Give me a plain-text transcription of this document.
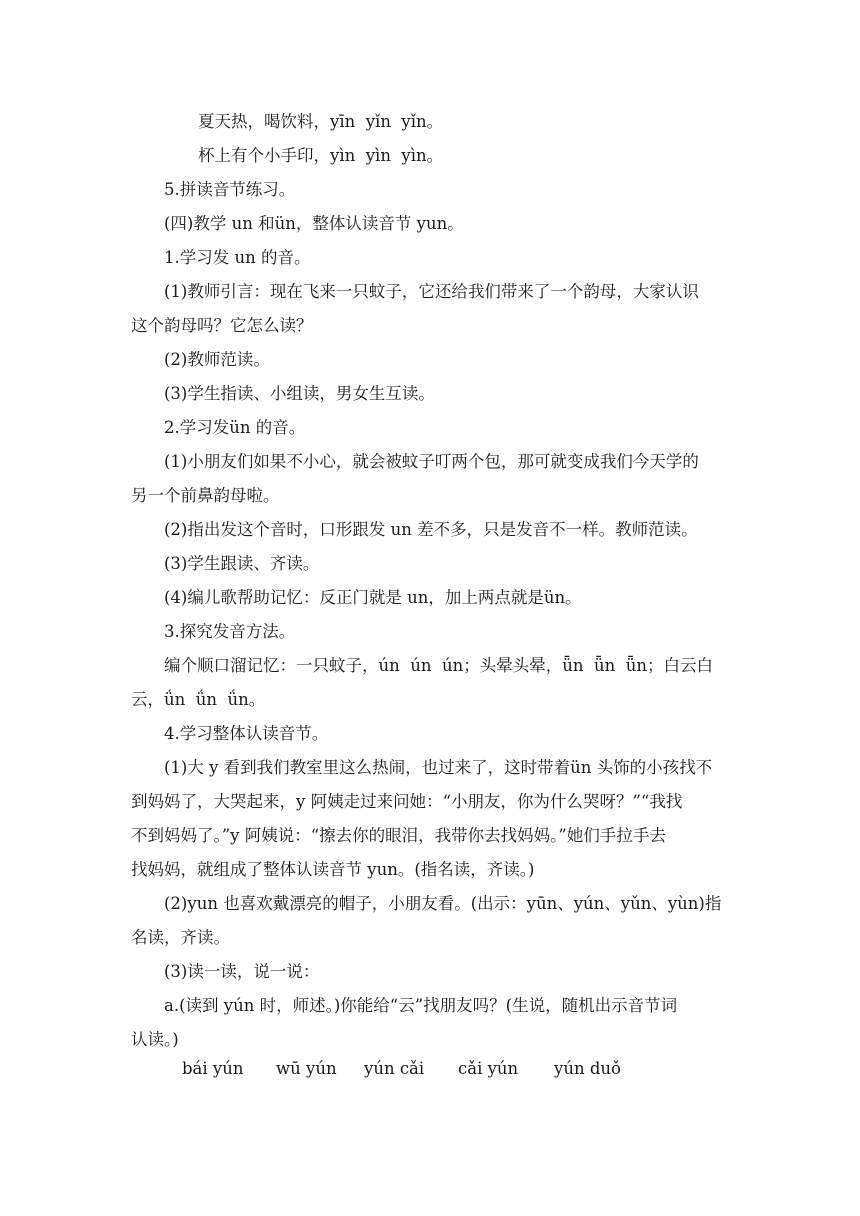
夏天热，喝饮料，yīn  yǐn  yǐn。
杯上有个小手印，yìn  yìn  yìn。
5.拼读音节练习。
(四)教学 un 和ün，整体认读音节 yun。
1.学习发 un 的音。
(1)教师引言：现在飞来一只蚊子，它还给我们带来了一个韵母，大家认识
这个韵母吗？它怎么读？
(2)教师范读。
(3)学生指读、小组读，男女生互读。
2.学习发ün 的音。
(1)小朋友们如果不小心，就会被蚊子叮两个包，那可就变成我们今天学的
另一个前鼻韵母啦。
(2)指出发这个音时，口形跟发 un 差不多，只是发音不一样。教师范读。
(3)学生跟读、齐读。
(4)编儿歌帮助记忆：反正门就是 un，加上两点就是ün。
3.探究发音方法。
编个顺口溜记忆：一只蚊子，ún  ún  ún；头晕头晕，ǖn  ǖn  ǖn；白云白
云，ǘn  ǘn  ǘn。
4.学习整体认读音节。
(1)大 y 看到我们教室里这么热闹，也过来了，这时带着ün 头饰的小孩找不
到妈妈了，大哭起来，y 阿姨走过来问她：“小朋友，你为什么哭呀？”“我找
不到妈妈了。”y 阿姨说：“擦去你的眼泪，我带你去找妈妈。”她们手拉手去
找妈妈，就组成了整体认读音节 yun。(指名读，齐读。)
(2)yun 也喜欢戴漂亮的帽子，小朋友看。(出示：yūn、yún、yǔn、yùn)指
名读，齐读。
(3)读一读，说一说：
a.(读到 yún 时，师述。)你能给“云”找朋友吗？(生说，随机出示音节词
认读。)
bái yún wū yún yún cǎi cǎi yún yún duǒ
